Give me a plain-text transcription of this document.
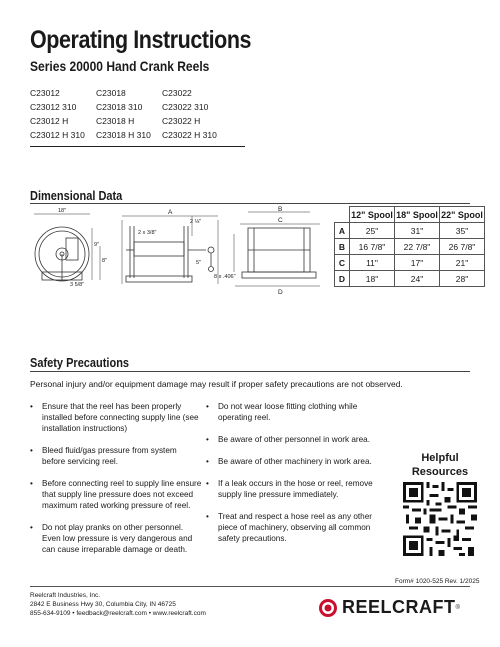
Operating Instructions
Series 20000 Hand Crank Reels
C23012	C23018	C23022
C23012 310	C23018 310	C23022 310
C23012 H	C23018 H	C23022 H
C23012 H 310	C23018 H 310	C23022 H 310
Dimensional Data
18"
9"
8"
3 5/8"
A
2 ⅛"
2 x 3/8"
5"
B
C
D
8 x .406"
	12" Spool	18" Spool	22" Spool
A	25"	31"	35"
B	16 7/8"	22 7/8"	26 7/8"
C	11"	17"	21"
D	18"	24"	28"
Safety Precautions
Personal injury and/or equipment damage may result if proper safety precautions are not observed.
• Ensure that the reel has been properly installed before connecting supply line (see installation instructions)
• Bleed fluid/gas pressure from system before servicing reel.
• Before connecting reel to supply line ensure that supply line pressure does not exceed maximum rated working pressure of reel.
• Do not play pranks on other personnel. Even low pressure is very dangerous and can cause irreparable damage or death.
• Do not wear loose fitting clothing while operating reel.
• Be aware of other personnel in work area.
• Be aware of other machinery in work area.
• If a leak occurs in the hose or reel, remove supply line pressure immediately.
• Treat and respect a hose reel as any other piece of machinery, observing all common safety precautions.
Helpful
Resources
Form# 1020-525 Rev. 1/2025
Reelcraft Industries, Inc.
2842 E Business Hwy 30, Columbia City, IN 46725
855-634-9109 • feedback@reelcraft.com • www.reelcraft.com	REELCRAFT ®
